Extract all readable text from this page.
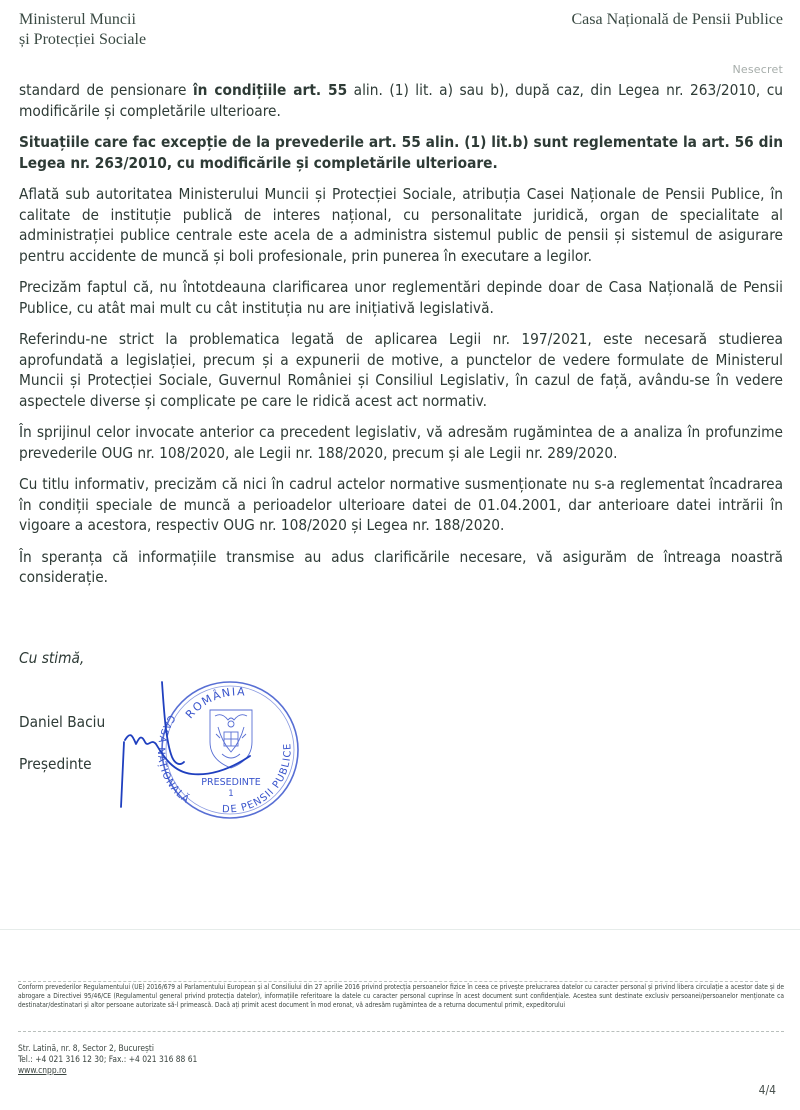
Ministerul Muncii
și Protecției Sociale
Casa Națională de Pensii Publice
Nesecret

standard de pensionare în condițiile art. 55 alin. (1) lit. a) sau b), după caz, din Legea nr. 263/2010, cu modificările și completările ulterioare.

Situațiile care fac excepție de la prevederile art. 55 alin. (1) lit.b) sunt reglementate la art. 56 din Legea nr. 263/2010, cu modificările și completările ulterioare.

Aflată sub autoritatea Ministerului Muncii și Protecției Sociale, atribuția Casei Naționale de Pensii Publice, în calitate de instituție publică de interes național, cu personalitate juridică, organ de specialitate al administrației publice centrale este acela de a administra sistemul public de pensii și sistemul de asigurare pentru accidente de muncă și boli profesionale, prin punerea în executare a legilor.

Precizăm faptul că, nu întotdeauna clarificarea unor reglementări depinde doar de Casa Națională de Pensii Publice, cu atât mai mult cu cât instituția nu are inițiativă legislativă.

Referindu-ne strict la problematica legată de aplicarea Legii nr. 197/2021, este necesară studierea aprofundată a legislației, precum și a expunerii de motive, a punctelor de vedere formulate de Ministerul Muncii și Protecției Sociale, Guvernul României și Consiliul Legislativ, în cazul de față, avându-se în vedere aspectele diverse și complicate pe care le ridică acest act normativ.

În sprijinul celor invocate anterior ca precedent legislativ, vă adresăm rugămintea de a analiza în profunzime prevederile OUG nr. 108/2020, ale Legii nr. 188/2020, precum și ale Legii nr. 289/2020.

Cu titlu informativ, precizăm că nici în cadrul actelor normative susmenționate nu s-a reglementat încadrarea în condiții speciale de muncă a perioadelor ulterioare datei de 01.04.2001, dar anterioare datei intrării în vigoare a acestora, respectiv OUG nr. 108/2020 și Legea nr. 188/2020.

În speranța că informațiile transmise au adus clarificările necesare, vă asigurăm de întreaga noastră considerație.

Cu stimă,
Daniel Baciu
Președinte
ROMÂNIA
CASA NAȚIONALĂ
DE PENSII PUBLICE
PRESEDINTE
1
Conform prevederilor Regulamentului (UE) 2016/679 al Parlamentului European și al Consiliului din 27 aprilie 2016 privind protecția persoanelor fizice în ceea ce privește prelucrarea datelor cu caracter personal și privind libera circulație a acestor date și de abrogare a Directivei 95/46/CE (Regulamentul general privind protecția datelor), informațiile referitoare la datele cu caracter personal cuprinse în acest document sunt confidențiale. Acestea sunt destinate exclusiv persoanei/persoanelor menționate ca destinatar/destinatari și altor persoane autorizate să-l primească. Dacă ați primit acest document în mod eronat, vă adresăm rugămintea de a returna documentul primit, expeditorului
Str. Latină, nr. 8, Sector 2, București
Tel.: +4 021 316 12 30; Fax.: +4 021 316 88 61
www.cnpp.ro
4/4
